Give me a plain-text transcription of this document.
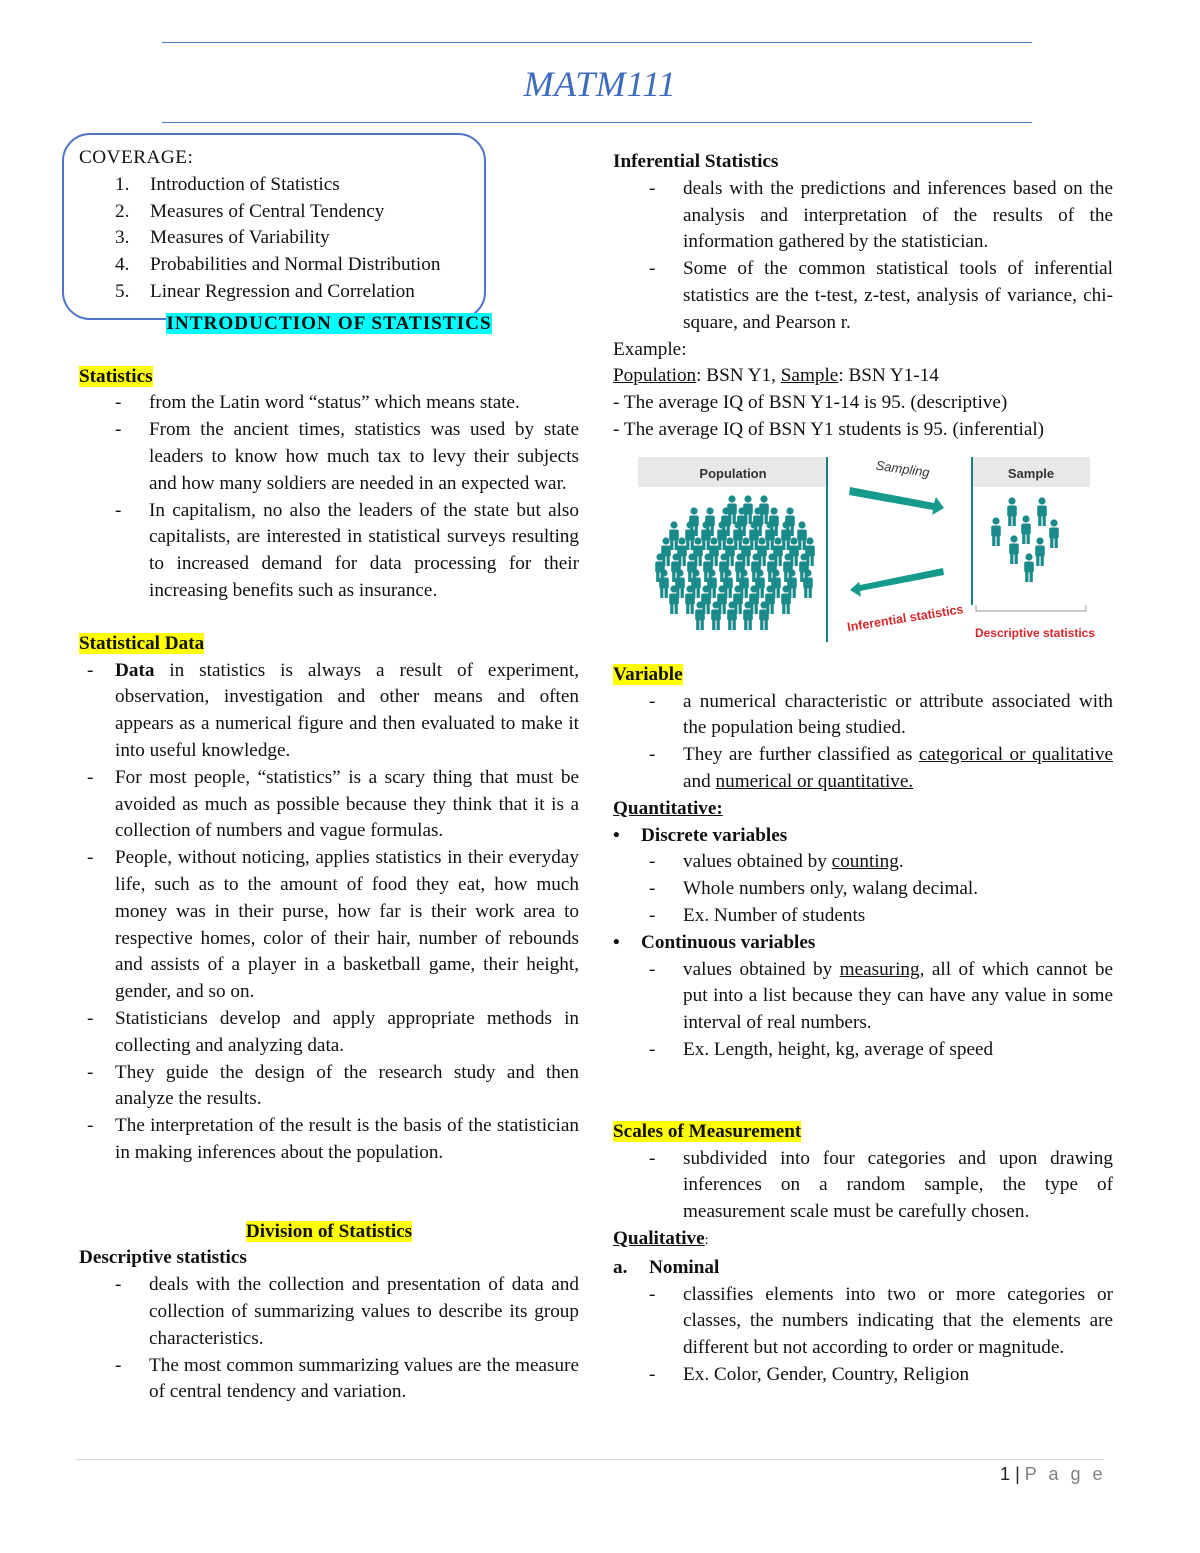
MATM111

COVERAGE:

1. Introduction of Statistics
2. Measures of Central Tendency
3. Measures of Variability
4. Probabilities and Normal Distribution
5. Linear Regression and Correlation

INTRODUCTION OF STATISTICS

Statistics

- from the Latin word “status” which means state.
- From the ancient times, statistics was used by state leaders to know how much tax to levy their subjects and how many soldiers are needed in an expected war.
- In capitalism, no also the leaders of the state but also capitalists, are interested in statistical surveys resulting to increased demand for data processing for their increasing benefits such as insurance.

Statistical Data

- Data in statistics is always a result of experiment, observation, investigation and other means and often appears as a numerical figure and then evaluated to make it into useful knowledge.
- For most people, “statistics” is a scary thing that must be avoided as much as possible because they think that it is a collection of numbers and vague formulas.
- People, without noticing, applies statistics in their everyday life, such as to the amount of food they eat, how much money was in their purse, how far is their work area to respective homes, color of their hair, number of rebounds and assists of a player in a basketball game, their height, gender, and so on.
- Statisticians develop and apply appropriate methods in collecting and analyzing data.
- They guide the design of the research study and then analyze the results.
- The interpretation of the result is the basis of the statistician in making inferences about the population.

Division of Statistics

Descriptive statistics

- deals with the collection and presentation of data and collection of summarizing values to describe its group characteristics.
- The most common summarizing values are the measure of central tendency and variation.

Inferential Statistics

- deals with the predictions and inferences based on the analysis and interpretation of the results of the information gathered by the statistician.
- Some of the common statistical tools of inferential statistics are the t-test, z-test, analysis of variance, chi-square, and Pearson r.

Example:

Population: BSN Y1, Sample: BSN Y1-14

- The average IQ of BSN Y1-14 is 95. (descriptive)

- The average IQ of BSN Y1 students is 95. (inferential)

Variable

- a numerical characteristic or attribute associated with the population being studied.
- They are further classified as categorical or qualitative and numerical or quantitative.

Quantitative:

• Discrete variables
- values obtained by counting.
- Whole numbers only, walang decimal.
- Ex. Number of students
• Continuous variables
- values obtained by measuring, all of which cannot be put into a list because they can have any value in some interval of real numbers.
- Ex. Length, height, kg, average of speed

Scales of Measurement

- subdivided into four categories and upon drawing inferences on a random sample, the type of measurement scale must be carefully chosen.

Qualitative:

a. Nominal
- classifies elements into two or more categories or classes, the numbers indicating that the elements are different but not according to order or magnitude.
- Ex. Color, Gender, Country, Religion
Population	Sample
Sampling
Inferential statistics Descriptive statistics
1 | P a g e
